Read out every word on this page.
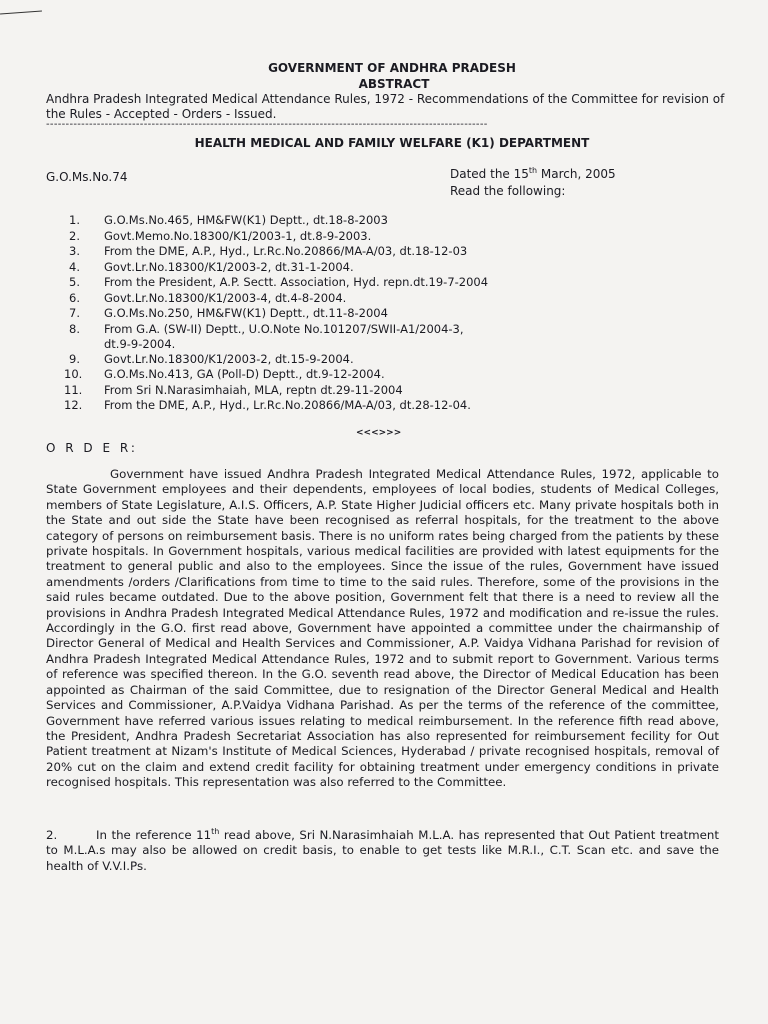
GOVERNMENT OF ANDHRA PRADESH
ABSTRACT
Andhra Pradesh Integrated Medical Attendance Rules, 1972 - Recommendations of the Committee for revision of the Rules - Accepted - Orders - Issued.
-----------------------------------------------------------------------------------------------------------------
HEALTH MEDICAL AND FAMILY WELFARE (K1) DEPARTMENT
G.O.Ms.No.74	Dated the 15th March, 2005
Read the following:
1. G.O.Ms.No.465, HM&FW(K1) Deptt., dt.18-8-2003
2. Govt.Memo.No.18300/K1/2003-1, dt.8-9-2003.
3. From the DME, A.P., Hyd., Lr.Rc.No.20866/MA-A/03, dt.18-12-03
4. Govt.Lr.No.18300/K1/2003-2, dt.31-1-2004.
5. From the President, A.P. Sectt. Association, Hyd. repn.dt.19-7-2004
6. Govt.Lr.No.18300/K1/2003-4, dt.4-8-2004.
7. G.O.Ms.No.250, HM&FW(K1) Deptt., dt.11-8-2004
8. From G.A. (SW-II) Deptt., U.O.Note No.101207/SWII-A1/2004-3, dt.9-9-2004.
9. Govt.Lr.No.18300/K1/2003-2, dt.15-9-2004.
10. G.O.Ms.No.413, GA (Poll-D) Deptt., dt.9-12-2004.
11. From Sri N.Narasimhaiah, MLA, reptn dt.29-11-2004
12. From the DME, A.P., Hyd., Lr.Rc.No.20866/MA-A/03, dt.28-12-04.
<<<>>>
O R D E R:

Government have issued Andhra Pradesh Integrated Medical Attendance Rules, 1972, applicable to State Government employees and their dependents, employees of local bodies, students of Medical Colleges, members of State Legislature, A.I.S. Officers, A.P. State Higher Judicial officers etc. Many private hospitals both in the State and out side the State have been recognised as referral hospitals, for the treatment to the above category of persons on reimbursement basis. There is no uniform rates being charged from the patients by these private hospitals. In Government hospitals, various medical facilities are provided with latest equipments for the treatment to general public and also to the employees. Since the issue of the rules, Government have issued amendments /orders /Clarifications from time to time to the said rules. Therefore, some of the provisions in the said rules became outdated. Due to the above position, Government felt that there is a need to review all the provisions in Andhra Pradesh Integrated Medical Attendance Rules, 1972 and modification and re-issue the rules. Accordingly in the G.O. first read above, Government have appointed a committee under the chairmanship of Director General of Medical and Health Services and Commissioner, A.P. Vaidya Vidhana Parishad for revision of Andhra Pradesh Integrated Medical Attendance Rules, 1972 and to submit report to Government. Various terms of reference was specified thereon. In the G.O. seventh read above, the Director of Medical Education has been appointed as Chairman of the said Committee, due to resignation of the Director General Medical and Health Services and Commissioner, A.P.Vaidya Vidhana Parishad. As per the terms of the reference of the committee, Government have referred various issues relating to medical reimbursement. In the reference fifth read above, the President, Andhra Pradesh Secretariat Association has also represented for reimbursement fecility for Out Patient treatment at Nizam's Institute of Medical Sciences, Hyderabad / private recognised hospitals, removal of 20% cut on the claim and extend credit facility for obtaining treatment under emergency conditions in private recognised hospitals. This representation was also referred to the Committee.

2.	In the reference 11th read above, Sri N.Narasimhaiah M.L.A. has represented that Out Patient treatment to M.L.A.s may also be allowed on credit basis, to enable to get tests like M.R.I., C.T. Scan etc. and save the health of V.V.I.Ps.
